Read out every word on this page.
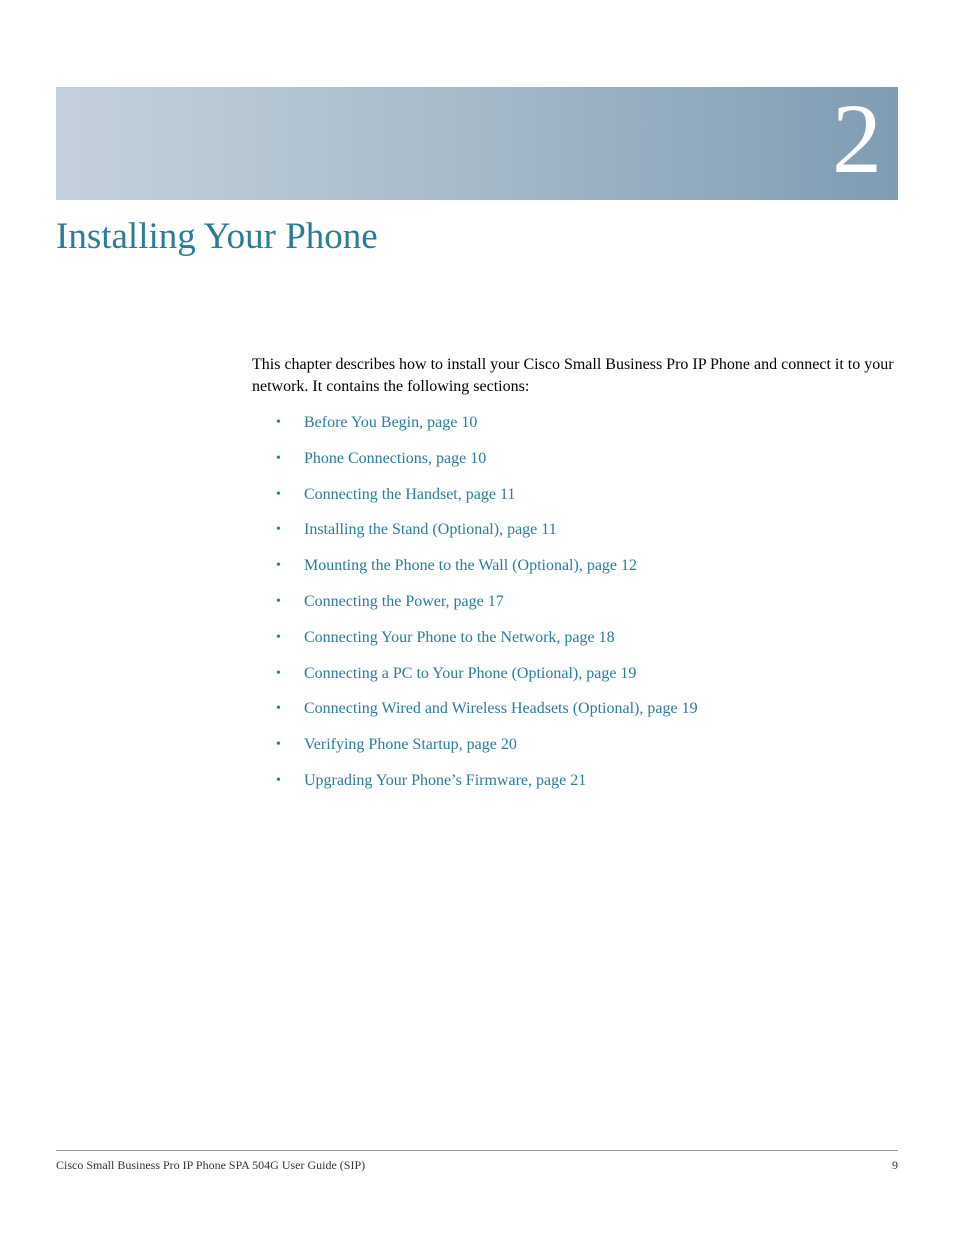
2
Installing Your Phone

This chapter describes how to install your Cisco Small Business Pro IP Phone and connect it to your network. It contains the following sections:

• Before You Begin, page 10
• Phone Connections, page 10
• Connecting the Handset, page 11
• Installing the Stand (Optional), page 11
• Mounting the Phone to the Wall (Optional), page 12
• Connecting the Power, page 17
• Connecting Your Phone to the Network, page 18
• Connecting a PC to Your Phone (Optional), page 19
• Connecting Wired and Wireless Headsets (Optional), page 19
• Verifying Phone Startup, page 20
• Upgrading Your Phone’s Firmware, page 21
Cisco Small Business Pro IP Phone SPA 504G User Guide (SIP)	9
